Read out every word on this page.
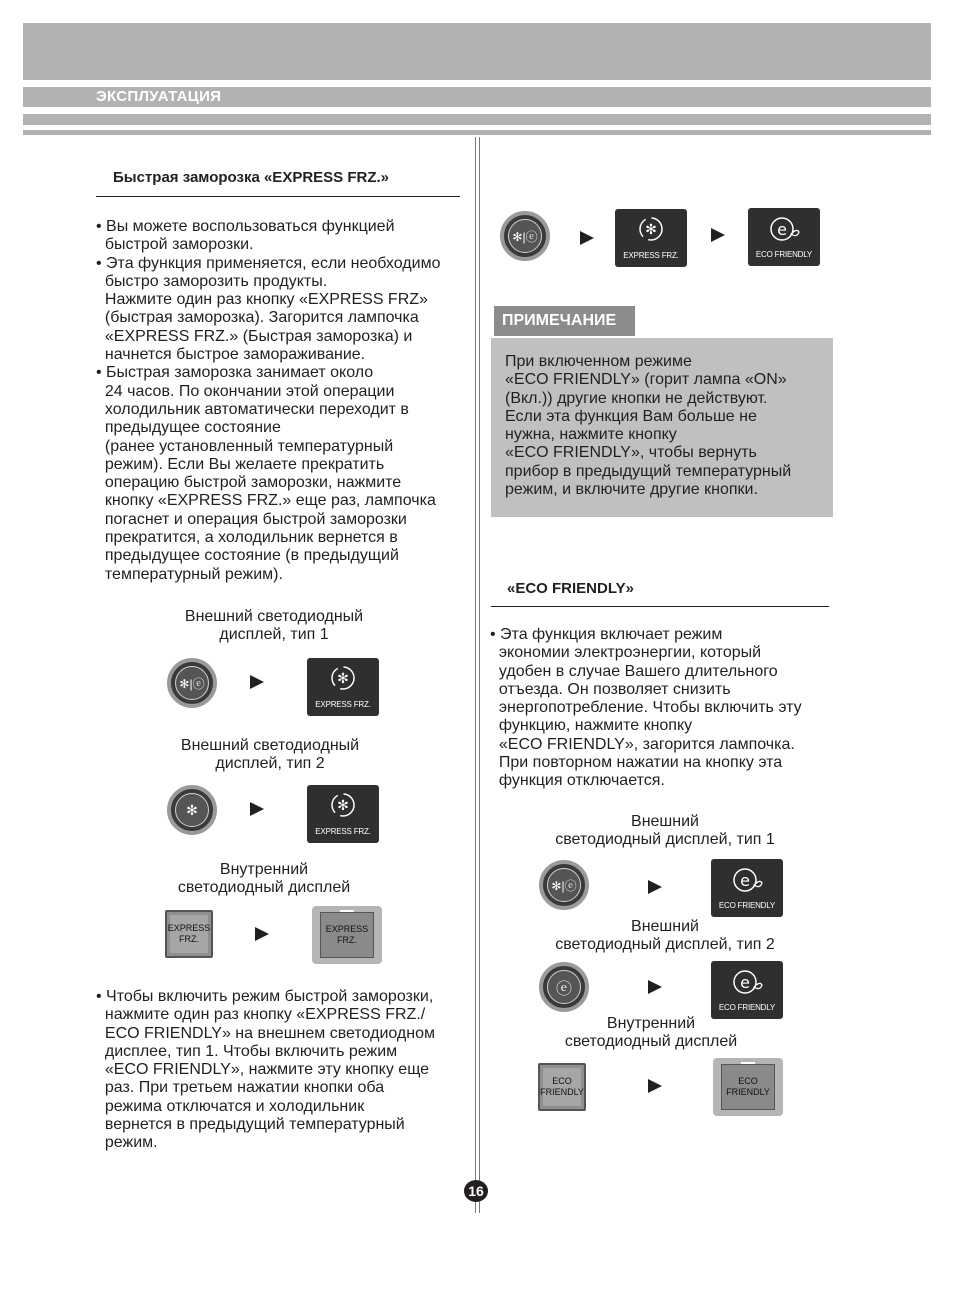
ЭКСПЛУАТАЦИЯ
Быстрая заморозка «EXPRESS FRZ.»
• Вы можете воспользоваться функцией
быстрой заморозки.
• Эта функция применяется, если необходимо
быстро заморозить продукты.
Нажмите один раз кнопку «EXPRESS FRZ»
(быстрая заморозка). Загорится лампочка
«EXPRESS FRZ.» (Быстрая заморозка) и
начнется быстрое замораживание.
• Быстрая заморозка занимает около
24 часов. По окончании этой операции
холодильник автоматически переходит в
предыдущее состояние
(ранее установленный температурный
режим). Если Вы желаете прекратить
операцию быстрой заморозки, нажмите
кнопку «EXPRESS FRZ.» еще раз, лампочка
погаснет и операция быстрой заморозки
прекратится, а холодильник вернется в
предыдущее состояние (в предыдущий
температурный режим).
Внешний светодиодный
дисплей, тип 1
✻|ⓔ	✻
EXPRESS FRZ.
Внешний светодиодный
дисплей, тип 2
✻	✻
EXPRESS FRZ.
Внутренний
светодиодный дисплей
EXPRESS
FRZ.
EXPRESS
FRZ.
• Чтобы включить режим быстрой заморозки,
нажмите один раз кнопку «EXPRESS FRZ./
ECO FRIENDLY» на внешнем светодиодном
дисплее, тип 1. Чтобы включить режим
«ECO FRIENDLY», нажмите эту кнопку еще
раз. При третьем нажатии кнопки оба
режима отключатся и холодильник
вернется в предыдущий температурный
режим.
✻|ⓔ	✻
EXPRESS FRZ.
e
ECO FRIENDLY
ПРИМЕЧАНИЕ
При включенном режиме
«ECO FRIENDLY» (горит лампа «ON»
(Вкл.)) другие кнопки не действуют.
Если эта функция Вам больше не
нужна, нажмите кнопку
«ECO FRIENDLY», чтобы вернуть
прибор в предыдущий температурный
режим, и включите другие кнопки.
«ECO FRIENDLY»
• Эта функция включает режим
экономии электроэнергии, который
удобен в случае Вашего длительного
отъезда. Он позволяет снизить
энергопотребление. Чтобы включить эту
функцию, нажмите кнопку
«ECO FRIENDLY», загорится лампочка.
При повторном нажатии на кнопку эта
функция отключается.
Внешний
светодиодный дисплей, тип 1
✻|ⓔ	e
ECO FRIENDLY
Внешний
светодиодный дисплей, тип 2
ⓔ	e
ECO FRIENDLY
Внутренний
светодиодный дисплей
ECO
FRIENDLY
ECO
FRIENDLY
16
